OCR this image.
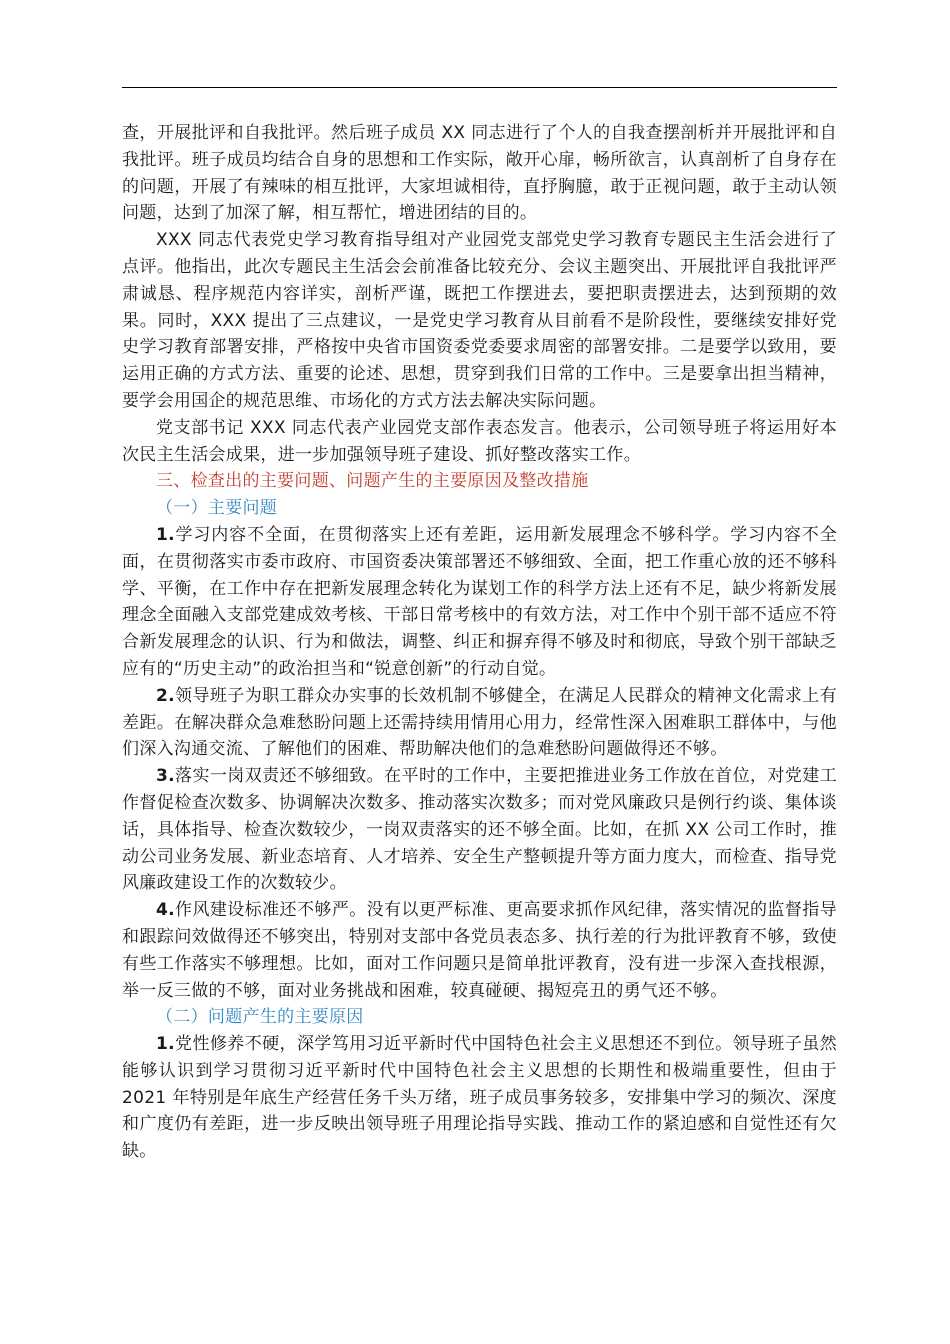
查，开展批评和自我批评。然后班子成员 XX 同志进行了个人的自我查摆剖析并开展批评和自我批评。班子成员均结合自身的思想和工作实际，敞开心扉，畅所欲言，认真剖析了自身存在的问题，开展了有辣味的相互批评，大家坦诚相待，直抒胸臆，敢于正视问题，敢于主动认领问题，达到了加深了解，相互帮忙，增进团结的目的。

XXX 同志代表党史学习教育指导组对产业园党支部党史学习教育专题民主生活会进行了点评。他指出，此次专题民主生活会会前准备比较充分、会议主题突出、开展批评自我批评严肃诚恳、程序规范内容详实，剖析严谨，既把工作摆进去，要把职责摆进去，达到预期的效果。同时，XXX 提出了三点建议，一是党史学习教育从目前看不是阶段性，要继续安排好党史学习教育部署安排，严格按中央省市国资委党委要求周密的部署安排。二是要学以致用，要运用正确的方式方法、重要的论述、思想，贯穿到我们日常的工作中。三是要拿出担当精神，要学会用国企的规范思维、市场化的方式方法去解决实际问题。

党支部书记 XXX 同志代表产业园党支部作表态发言。他表示，公司领导班子将运用好本次民主生活会成果，进一步加强领导班子建设、抓好整改落实工作。

三、检查出的主要问题、问题产生的主要原因及整改措施

（一）主要问题

1.学习内容不全面，在贯彻落实上还有差距，运用新发展理念不够科学。学习内容不全面，在贯彻落实市委市政府、市国资委决策部署还不够细致、全面，把工作重心放的还不够科学、平衡，在工作中存在把新发展理念转化为谋划工作的科学方法上还有不足，缺少将新发展理念全面融入支部党建成效考核、干部日常考核中的有效方法，对工作中个别干部不适应不符合新发展理念的认识、行为和做法，调整、纠正和摒弃得不够及时和彻底，导致个别干部缺乏应有的“历史主动”的政治担当和“锐意创新”的行动自觉。

2.领导班子为职工群众办实事的长效机制不够健全，在满足人民群众的精神文化需求上有差距。在解决群众急难愁盼问题上还需持续用情用心用力，经常性深入困难职工群体中，与他们深入沟通交流、了解他们的困难、帮助解决他们的急难愁盼问题做得还不够。

3.落实一岗双责还不够细致。在平时的工作中，主要把推进业务工作放在首位，对党建工作督促检查次数多、协调解决次数多、推动落实次数多；而对党风廉政只是例行约谈、集体谈话，具体指导、检查次数较少，一岗双责落实的还不够全面。比如，在抓 XX 公司工作时，推动公司业务发展、新业态培育、人才培养、安全生产整顿提升等方面力度大，而检查、指导党风廉政建设工作的次数较少。

4.作风建设标准还不够严。没有以更严标准、更高要求抓作风纪律，落实情况的监督指导和跟踪问效做得还不够突出，特别对支部中各党员表态多、执行差的行为批评教育不够，致使有些工作落实不够理想。比如，面对工作问题只是简单批评教育，没有进一步深入查找根源，举一反三做的不够，面对业务挑战和困难，较真碰硬、揭短亮丑的勇气还不够。

（二）问题产生的主要原因

1.党性修养不硬，深学笃用习近平新时代中国特色社会主义思想还不到位。领导班子虽然能够认识到学习贯彻习近平新时代中国特色社会主义思想的长期性和极端重要性，但由于 2021 年特别是年底生产经营任务千头万绪，班子成员事务较多，安排集中学习的频次、深度和广度仍有差距，进一步反映出领导班子用理论指导实践、推动工作的紧迫感和自觉性还有欠缺。
